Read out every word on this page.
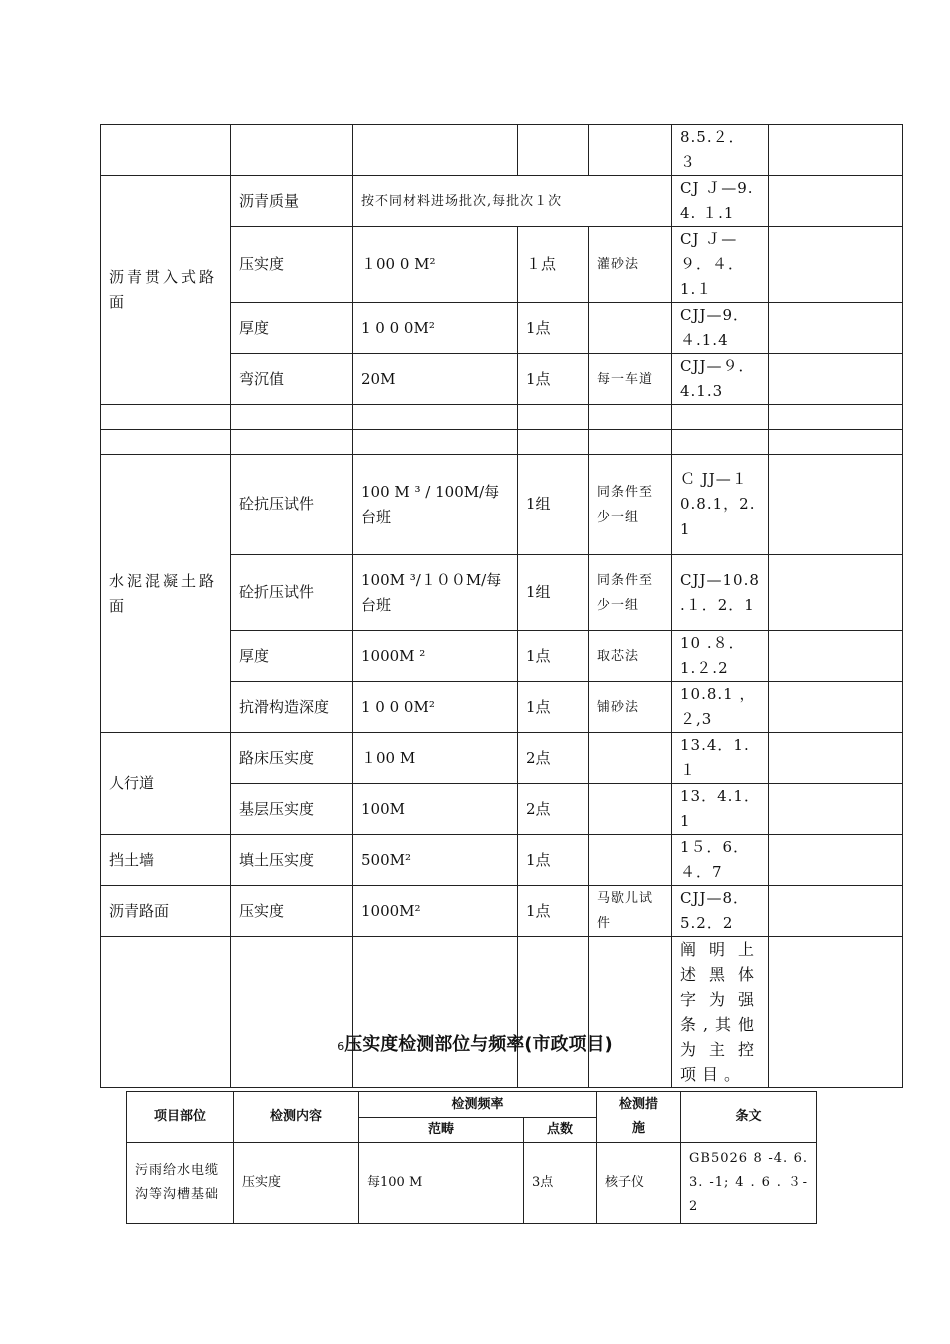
					8.5.２．３	
沥青贯入式路面	沥青质量	按不同材料进场批次,每批次１次			CJ Ｊ—9.4. １.1	
	压实度	１00 0 M²	１点	灌砂法	CJ Ｊ—９．４．1.１	
	厚度	1 0 0 0M²	1点		CJJ—9．４.1.4	
	弯沉值	20M	1点	每一车道	CJJ—９．4.1.3	

水泥混凝土路面	砼抗压试件	100 M ³ / 100M/每台班	1组	同条件至少一组	Ｃ JJ—１0.8.1，2.1	
	砼折压试件	100M ³/１００M/每台班	1组	同条件至少一组	CJJ—10.8 .１．2．1	
	厚度	1000M ²	1点	取芯法	10 .８．1.２.2	
	抗滑构造深度	1 0 0 0M²	1点	铺砂法	10.8.1 ，２,3	
人行道	路床压实度	１00 M	2点		13.4．1.１	
	基层压实度	100M	2点		13．4.1．1	
挡土墙	填土压实度	500M²	1点		1５．6．４．7	
沥青路面	压实度	1000M²	1点	马歇儿试件	CJJ—8．5.2．2	
					阐明上述黑体字为强条,其他为主控项目。	
6压实度检测部位与频率(市政项目)
项目部位	检测内容	检测频率		检测措施	条文
		范畴	点数		
污雨给水电缆沟等沟槽基础	压实度	每100 M	3点	核子仪	GB5026 8 -4. 6. 3. -1; 4 . 6 . ３-2
